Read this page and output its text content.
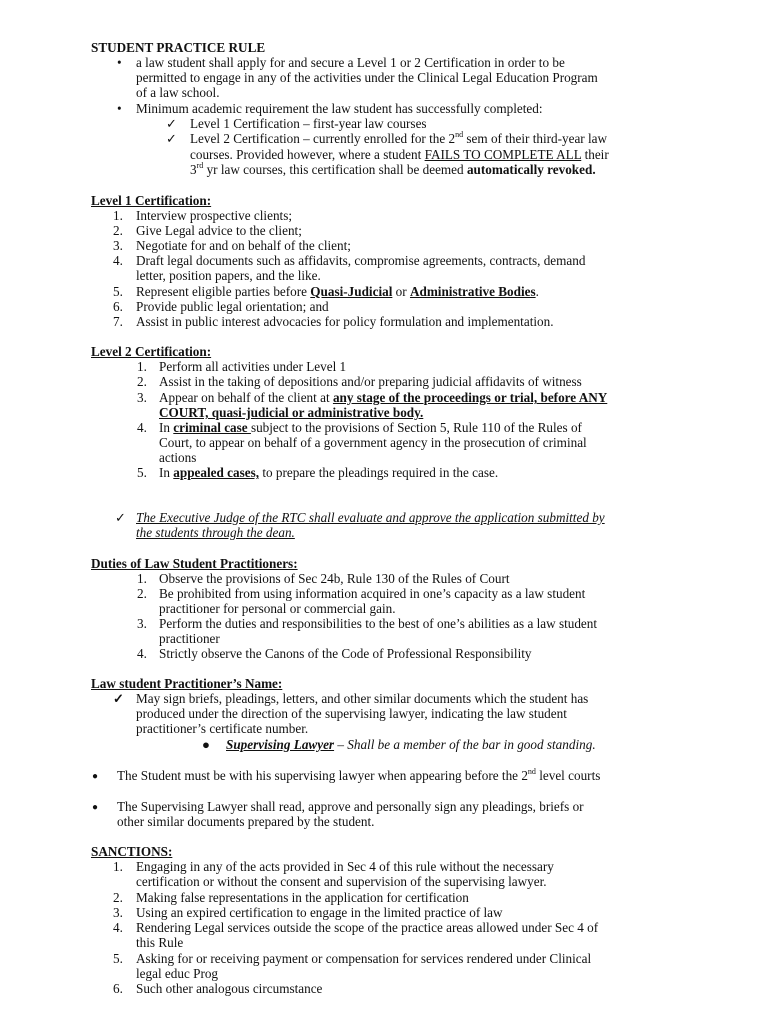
STUDENT PRACTICE RULE
• a law student shall apply for and secure a Level 1 or 2 Certification in order to be
permitted to engage in any of the activities under the Clinical Legal Education Program
of a law school.
• Minimum academic requirement the law student has successfully completed:
✓ Level 1 Certification – first-year law courses
✓ Level 2 Certification – currently enrolled for the 2nd sem of their third-year law
courses. Provided however, where a student FAILS TO COMPLETE ALL their
3rd yr law courses, this certification shall be deemed automatically revoked.
Level 1 Certification:
1. Interview prospective clients;
2. Give Legal advice to the client;
3. Negotiate for and on behalf of the client;
4. Draft legal documents such as affidavits, compromise agreements, contracts, demand
letter, position papers, and the like.
5. Represent eligible parties before Quasi-Judicial or Administrative Bodies.
6. Provide public legal orientation; and
7. Assist in public interest advocacies for policy formulation and implementation.
Level 2 Certification:
1. Perform all activities under Level 1
2. Assist in the taking of depositions and/or preparing judicial affidavits of witness
3. Appear on behalf of the client at any stage of the proceedings or trial, before ANY
COURT, quasi-judicial or administrative body.
4. In criminal case subject to the provisions of Section 5, Rule 110 of the Rules of
Court, to appear on behalf of a government agency in the prosecution of criminal
actions
5. In appealed cases, to prepare the pleadings required in the case.
✓ The Executive Judge of the RTC shall evaluate and approve the application submitted by
the students through the dean.
Duties of Law Student Practitioners:
1. Observe the provisions of Sec 24b, Rule 130 of the Rules of Court
2. Be prohibited from using information acquired in one’s capacity as a law student
practitioner for personal or commercial gain.
3. Perform the duties and responsibilities to the best of one’s abilities as a law student
practitioner
4. Strictly observe the Canons of the Code of Professional Responsibility
Law student Practitioner’s Name:
✓ May sign briefs, pleadings, letters, and other similar documents which the student has
produced under the direction of the supervising lawyer, indicating the law student
practitioner’s certificate number.
● Supervising Lawyer – Shall be a member of the bar in good standing.
● The Student must be with his supervising lawyer when appearing before the 2nd level courts
● The Supervising Lawyer shall read, approve and personally sign any pleadings, briefs or
other similar documents prepared by the student.
SANCTIONS:
1. Engaging in any of the acts provided in Sec 4 of this rule without the necessary
certification or without the consent and supervision of the supervising lawyer.
2. Making false representations in the application for certification
3. Using an expired certification to engage in the limited practice of law
4. Rendering Legal services outside the scope of the practice areas allowed under Sec 4 of
this Rule
5. Asking for or receiving payment or compensation for services rendered under Clinical
legal educ Prog
6. Such other analogous circumstance
